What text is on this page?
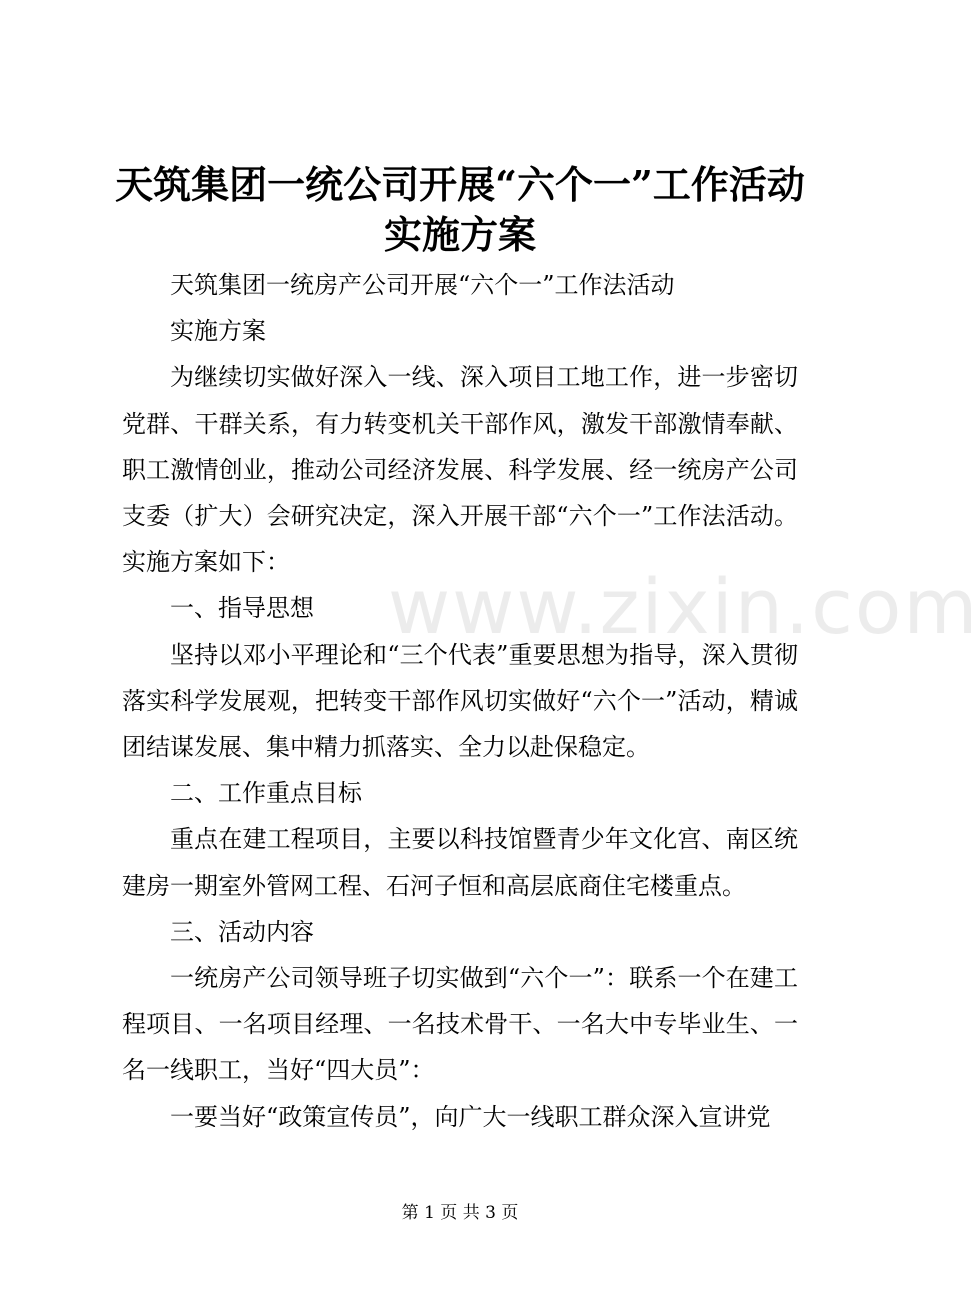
天筑集团一统公司开展“六个一”工作活动实施方案

天筑集团一统房产公司开展“六个一”工作法活动

实施方案

为继续切实做好深入一线、深入项目工地工作，进一步密切党群、干群关系，有力转变机关干部作风，激发干部激情奉献、职工激情创业，推动公司经济发展、科学发展、经一统房产公司支委（扩大）会研究决定，深入开展干部“六个一”工作法活动。实施方案如下：

一、指导思想

坚持以邓小平理论和“三个代表”重要思想为指导，深入贯彻落实科学发展观，把转变干部作风切实做好“六个一”活动，精诚团结谋发展、集中精力抓落实、全力以赴保稳定。

二、工作重点目标

重点在建工程项目，主要以科技馆暨青少年文化宫、南区统建房一期室外管网工程、石河子恒和高层底商住宅楼重点。

三、活动内容

一统房产公司领导班子切实做到“六个一”：联系一个在建工程项目、一名项目经理、一名技术骨干、一名大中专毕业生、一名一线职工，当好“四大员”：

一要当好“政策宣传员”，向广大一线职工群众深入宣讲党

www.zixin.com
第 1 页 共 3 页
